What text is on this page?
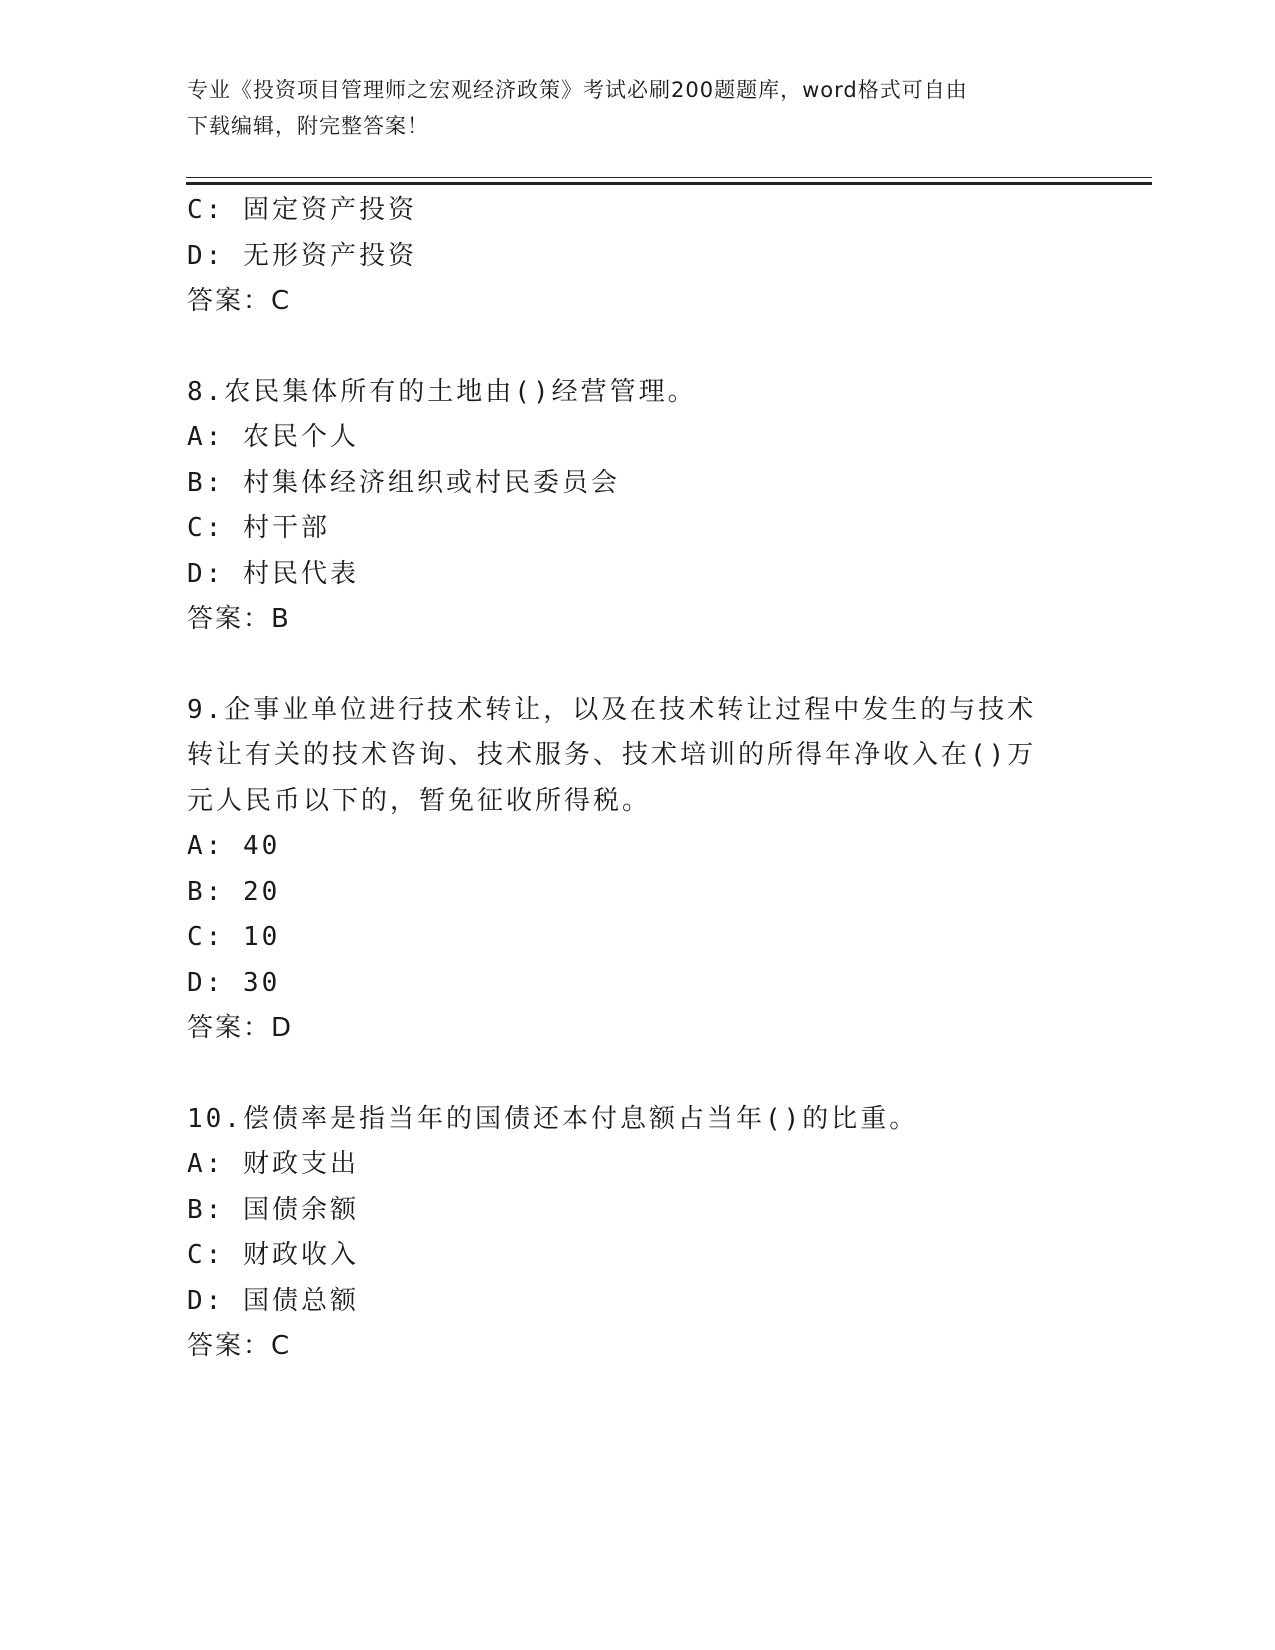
专业《投资项目管理师之宏观经济政策》考试必刷200题题库，word格式可自由
下载编辑，附完整答案！
C: 固定资产投资
D: 无形资产投资
答案：C
8.农民集体所有的土地由()经营管理。
A: 农民个人
B: 村集体经济组织或村民委员会
C: 村干部
D: 村民代表
答案：B
9.企事业单位进行技术转让，以及在技术转让过程中发生的与技术转让有关的技术咨询、技术服务、技术培训的所得年净收入在()万元人民币以下的，暂免征收所得税。
A: 40
B: 20
C: 10
D: 30
答案：D
10.偿债率是指当年的国债还本付息额占当年()的比重。
A: 财政支出
B: 国债余额
C: 财政收入
D: 国债总额
答案：C
